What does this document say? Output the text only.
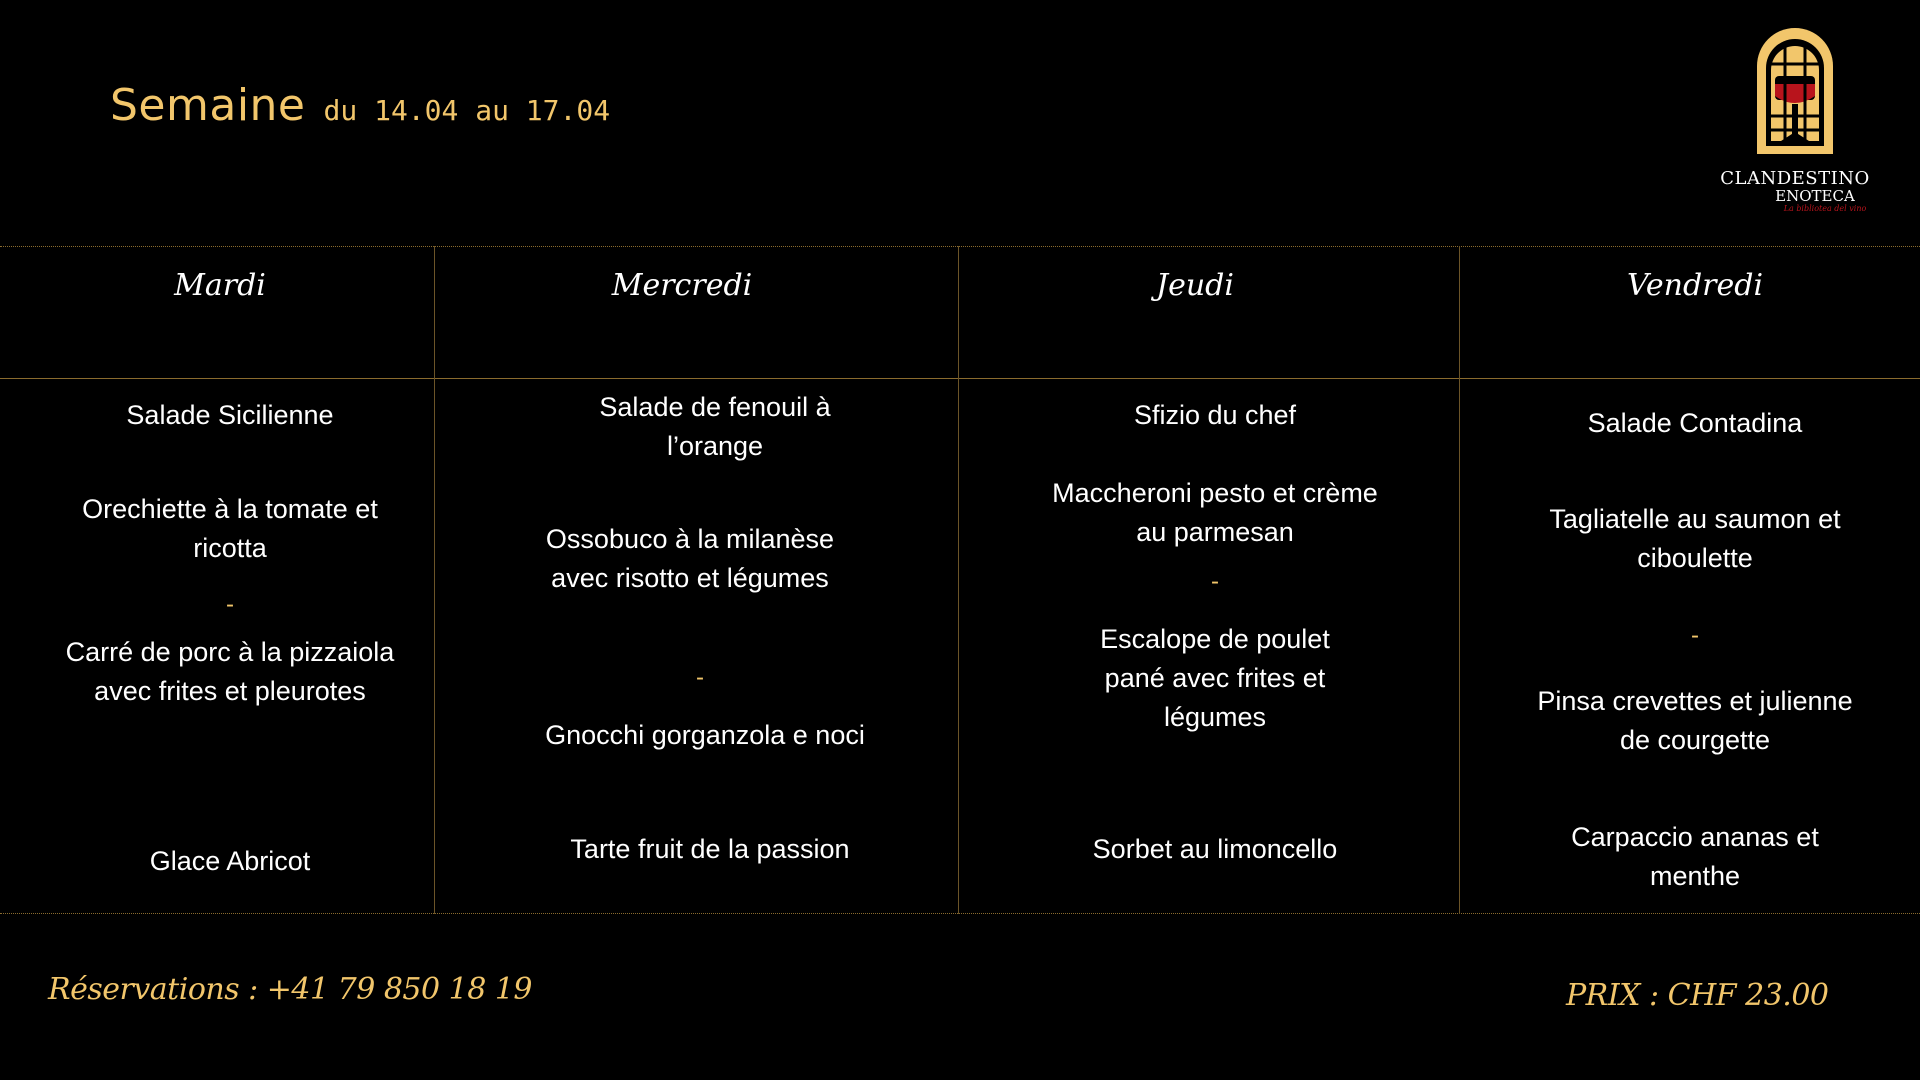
Semaine du 14.04 au 17.04
CLANDESTINO
ENOTECA
La bibliotea del vino
Mardi
Salade Sicilienne
Orechiette à la tomate et ricotta
-
Carré de porc à la pizzaiola avec frites et pleurotes
Glace Abricot
Mercredi
Salade de fenouil à l’orange
Ossobuco à la milanèse avec risotto et légumes
-
Gnocchi gorganzola e noci
Tarte fruit de la passion
Jeudi
Sfizio du chef
Maccheroni pesto et crème au parmesan
-
Escalope de poulet pané avec frites et légumes
Sorbet au limoncello
Vendredi
Salade Contadina
Tagliatelle au saumon et ciboulette
-
Pinsa crevettes et julienne de courgette
Carpaccio ananas et menthe
Réservations : +41 79 850 18 19	PRIX : CHF 23.00
